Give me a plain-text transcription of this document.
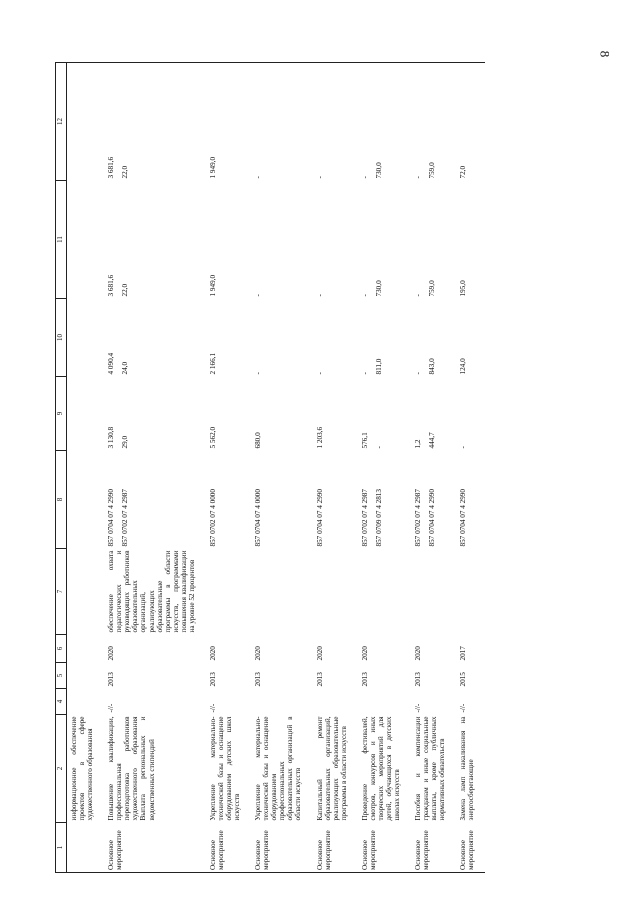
8
1	2	4	5	6	7	8	9	10	11	12
	информационное обеспечение проектов в сфере художественного образования									
Основное мероприятие	Повышение квалификации, профессиональная переподготовка работников художественного образования Выплата региональных и ведомственных стипендий	-//-	2013	2020	обеспечение охвата педагогических и руководящих работников образовательных организаций, реализующих образовательные программы в области искусств, программами повышения квалификации на уровне 52 процентов	857 0704 07 4 2990 857 0702 07 4 2987	3 130,8 29,0	4 090,4 24,0	3 681,6 22,0	3 681,6 22,0

Основное мероприятие	Укрепление материально-технической базы и оснащение оборудованием детских школ искусств	-//-	2013	2020		857 0702 07 4 0000	5 562,0	2 166,1	1 949,0	1 949,0

Основное мероприятие	Укрепление материально-технической базы и оснащение оборудованием профессиональных образовательных организаций в области искусств		2013	2020		857 0704 07 4 0000	680,0	-	-	-

Основное мероприятие	Капитальный ремонт образовательных организаций, реализующих образовательные программы в области искусств		2013	2020		857 0704 07 4 2990	1 203,6	-	-	-

Основное мероприятие	Проведение фестивалей, смотров, конкурсов и иных творческих мероприятий для детей, обучающихся в детских школах искусств		2013	2020		857 0702 07 4 2987 857 0709 07 4 2813	576,1 -	- 811,0	- 730,0	- 730,0

Основное мероприятие	Пособия и компенсации гражданам и иные социальные выплаты, кроме публичных нормативных обязательств	-//-	2013	2020		857 0702 07 4 2987 857 0704 07 4 2990	1,2 444,7	- 843,0	- 759,0	- 759,0

Основное мероприятие	Замена ламп накаливания на энергосберегающие	-//-	2015	2017		857 0704 07 4 2990	-	124,0	195,0	72,0
